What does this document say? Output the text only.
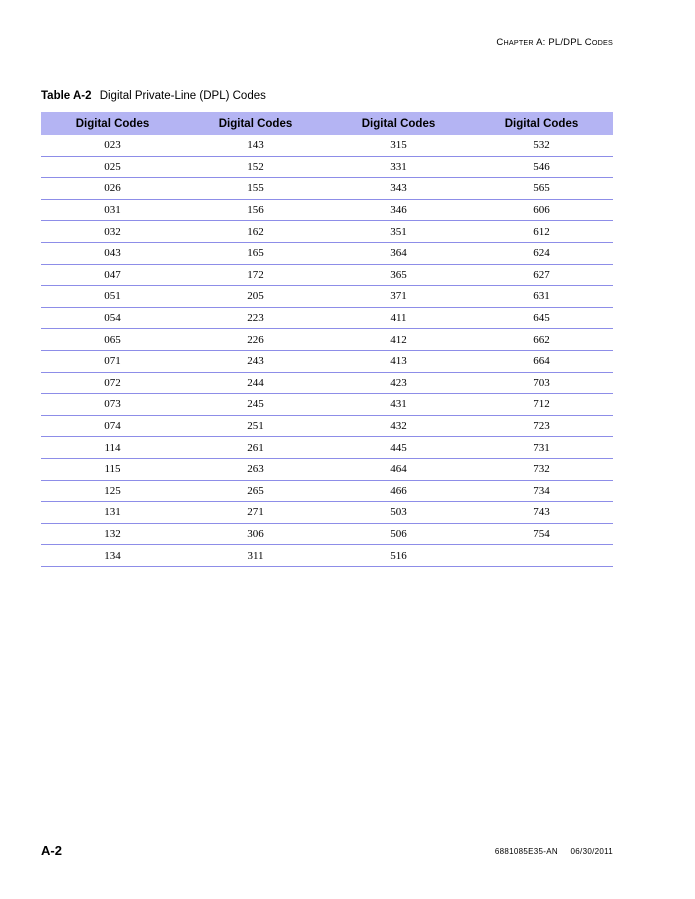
CHAPTER A: PL/DPL CODES
Table A-2 Digital Private-Line (DPL) Codes
Digital Codes	Digital Codes	Digital Codes	Digital Codes
023	143	315	532
025	152	331	546
026	155	343	565
031	156	346	606
032	162	351	612
043	165	364	624
047	172	365	627
051	205	371	631
054	223	411	645
065	226	412	662
071	243	413	664
072	244	423	703
073	245	431	712
074	251	432	723
114	261	445	731
115	263	464	732
125	265	466	734
131	271	503	743
132	306	506	754
134	311	516	
A-2	6881085E35-AN 06/30/2011
